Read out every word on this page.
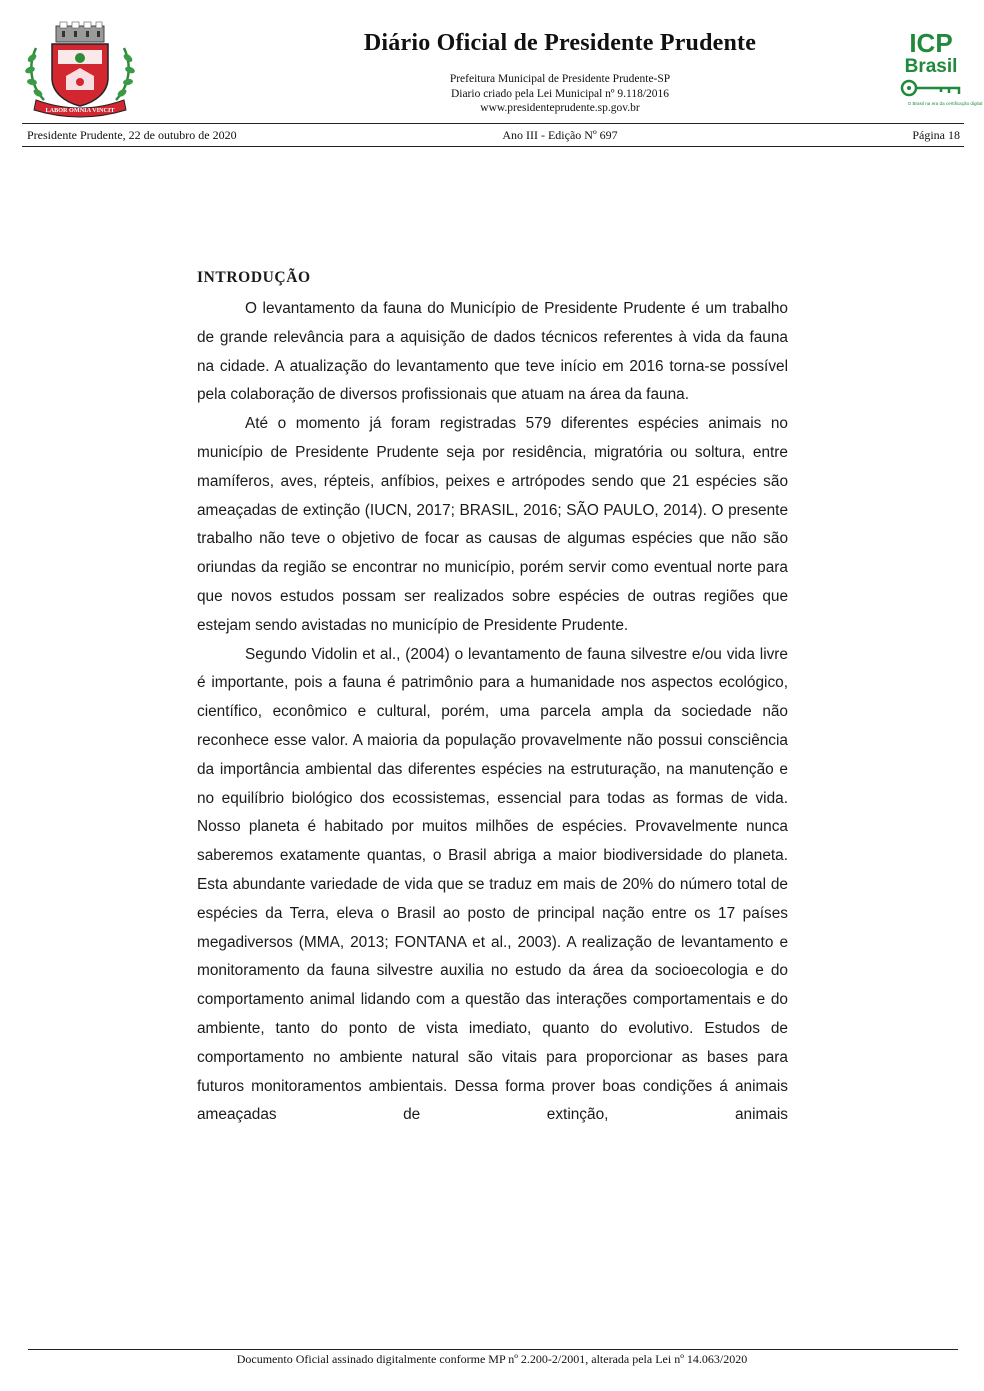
LABOR OMNIA VINCIT
Diário Oficial de Presidente Prudente
Prefeitura Municipal de Presidente Prudente-SP
Diario criado pela Lei Municipal nº 9.118/2016
www.presidenteprudente.sp.gov.br
ICP
Brasil
O Brasil na era da certificação digital
Presidente Prudente, 22 de outubro de 2020	Ano III - Edição Nº 697	Página 18
INTRODUÇÃO

O levantamento da fauna do Município de Presidente Prudente é um trabalho de grande relevância para a aquisição de dados técnicos referentes à vida da fauna na cidade. A atualização do levantamento que teve início em 2016 torna-se possível pela colaboração de diversos profissionais que atuam na área da fauna.

Até o momento já foram registradas 579 diferentes espécies animais no município de Presidente Prudente seja por residência, migratória ou soltura, entre mamíferos, aves, répteis, anfíbios, peixes e artrópodes sendo que 21 espécies são ameaçadas de extinção (IUCN, 2017; BRASIL, 2016; SÃO PAULO, 2014). O presente trabalho não teve o objetivo de focar as causas de algumas espécies que não são oriundas da região se encontrar no município, porém servir como eventual norte para que novos estudos possam ser realizados sobre espécies de outras regiões que estejam sendo avistadas no município de Presidente Prudente.

Segundo Vidolin et al., (2004) o levantamento de fauna silvestre e/ou vida livre é importante, pois a fauna é patrimônio para a humanidade nos aspectos ecológico, científico, econômico e cultural, porém, uma parcela ampla da sociedade não reconhece esse valor. A maioria da população provavelmente não possui consciência da importância ambiental das diferentes espécies na estruturação, na manutenção e no equilíbrio biológico dos ecossistemas, essencial para todas as formas de vida. Nosso planeta é habitado por muitos milhões de espécies. Provavelmente nunca saberemos exatamente quantas, o Brasil abriga a maior biodiversidade do planeta. Esta abundante variedade de vida que se traduz em mais de 20% do número total de espécies da Terra, eleva o Brasil ao posto de principal nação entre os 17 países megadiversos (MMA, 2013; FONTANA et al., 2003). A realização de levantamento e monitoramento da fauna silvestre auxilia no estudo da área da socioecologia e do comportamento animal lidando com a questão das interações comportamentais e do ambiente, tanto do ponto de vista imediato, quanto do evolutivo. Estudos de comportamento no ambiente natural são vitais para proporcionar as bases para futuros monitoramentos ambientais. Dessa forma prover boas condições á animais ameaçadas de extinção, animais

Documento Oficial assinado digitalmente conforme MP nº 2.200-2/2001, alterada pela Lei nº 14.063/2020
